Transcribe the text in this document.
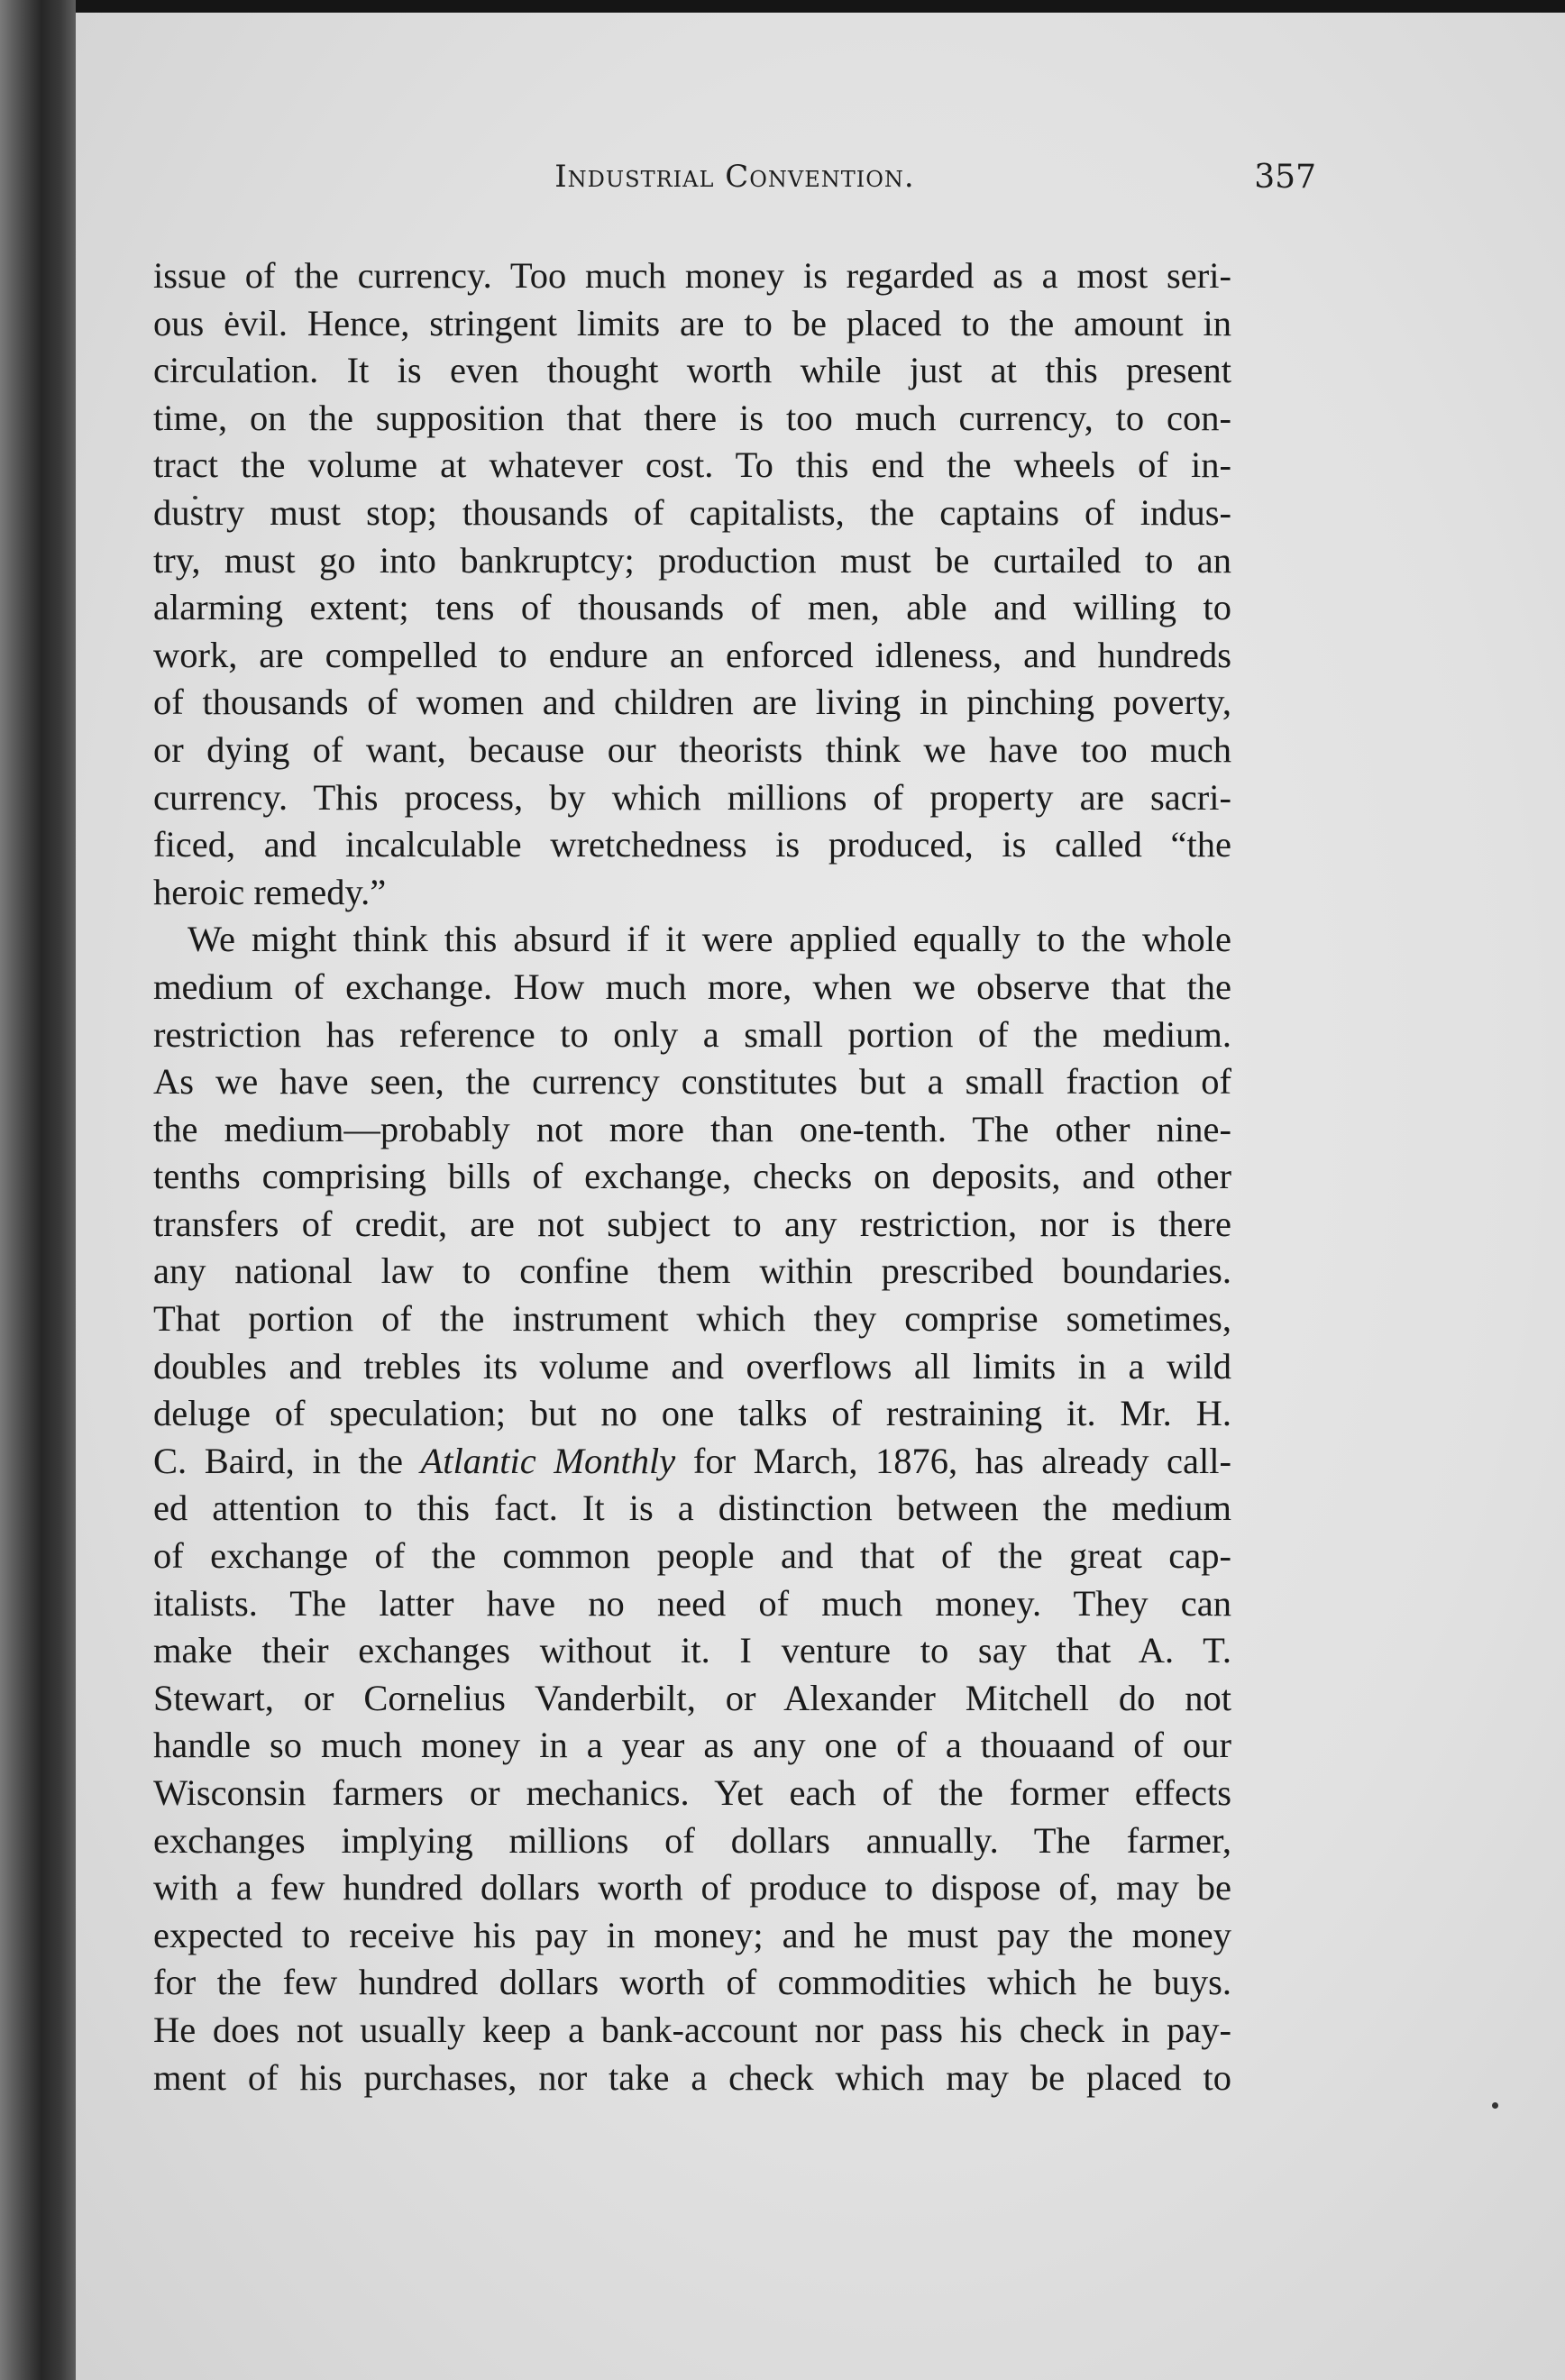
Industrial Convention.	357
issue of the currency. Too much money is regarded as a most seri-
ous evil. Hence, stringent limits are to be placed to the amount in
circulation. It is even thought worth while just at this present
time, on the supposition that there is too much currency, to con-
tract the volume at whatever cost. To this end the wheels of in-
dustry must stop; thousands of capitalists, the captains of indus-
try, must go into bankruptcy; production must be curtailed to an
alarming extent; tens of thousands of men, able and willing to
work, are compelled to endure an enforced idleness, and hundreds
of thousands of women and children are living in pinching poverty,
or dying of want, because our theorists think we have too much
currency. This process, by which millions of property are sacri-
ficed, and incalculable wretchedness is produced, is called “the
heroic remedy.”
We might think this absurd if it were applied equally to the whole
medium of exchange. How much more, when we observe that the
restriction has reference to only a small portion of the medium.
As we have seen, the currency constitutes but a small fraction of
the medium—probably not more than one-tenth. The other nine-
tenths comprising bills of exchange, checks on deposits, and other
transfers of credit, are not subject to any restriction, nor is there
any national law to confine them within prescribed boundaries.
That portion of the instrument which they comprise sometimes,
doubles and trebles its volume and overflows all limits in a wild
deluge of speculation; but no one talks of restraining it. Mr. H.
C. Baird, in the Atlantic Monthly for March, 1876, has already call-
ed attention to this fact. It is a distinction between the medium
of exchange of the common people and that of the great cap-
italists. The latter have no need of much money. They can
make their exchanges without it. I venture to say that A. T.
Stewart, or Cornelius Vanderbilt, or Alexander Mitchell do not
handle so much money in a year as any one of a thouaand of our
Wisconsin farmers or mechanics. Yet each of the former effects
exchanges implying millions of dollars annually. The farmer,
with a few hundred dollars worth of produce to dispose of, may be
expected to receive his pay in money; and he must pay the money
for the few hundred dollars worth of commodities which he buys.
He does not usually keep a bank-account nor pass his check in pay-
ment of his purchases, nor take a check which may be placed to
